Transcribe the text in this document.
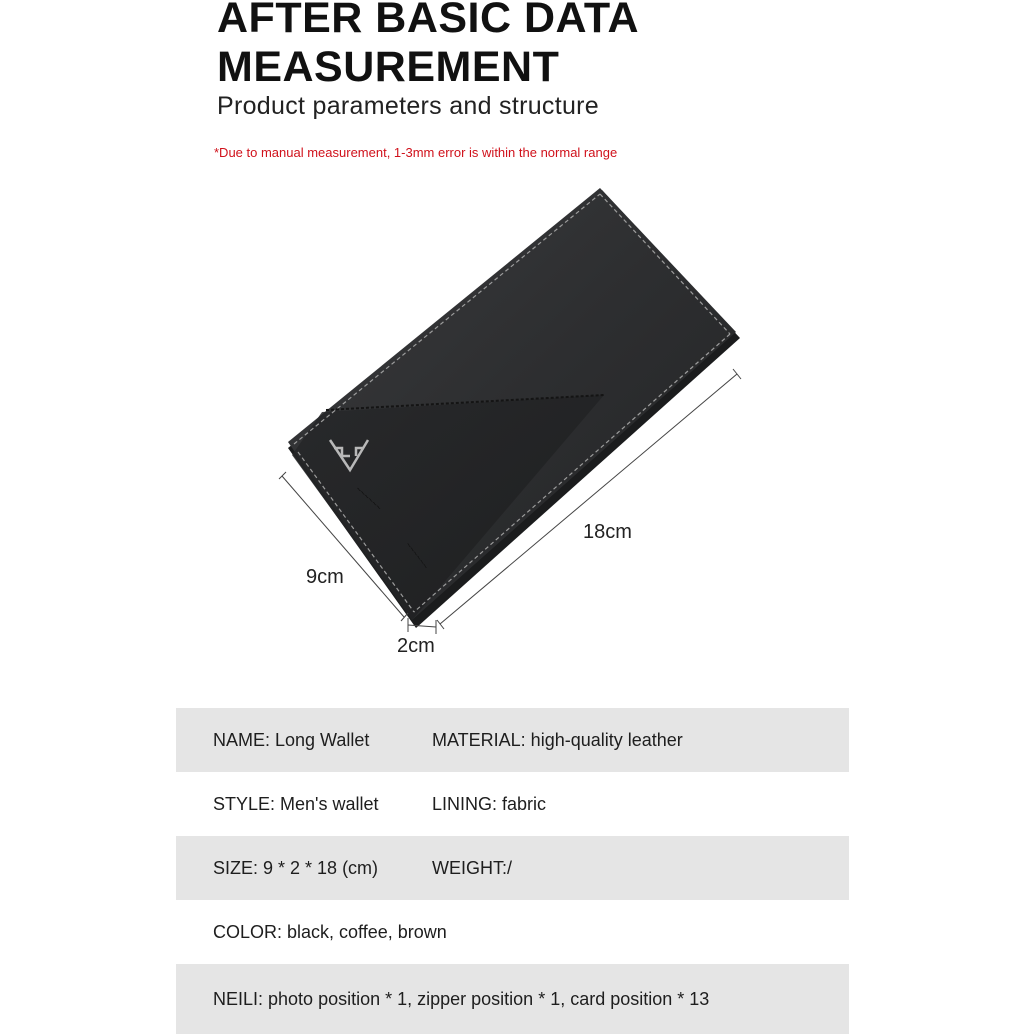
AFTER BASIC DATA
MEASUREMENT
Product parameters and structure
*Due to manual measurement, 1-3mm error is within the normal range
~~~~~~
~~~~~~
18cm
9cm
2cm
NAME: Long Wallet	MATERIAL: high-quality leather
STYLE: Men's wallet	LINING: fabric
SIZE: 9 * 2 * 18 (cm)	WEIGHT:/
COLOR: black, coffee, brown
NEILI: photo position * 1, zipper position * 1, card position * 13
